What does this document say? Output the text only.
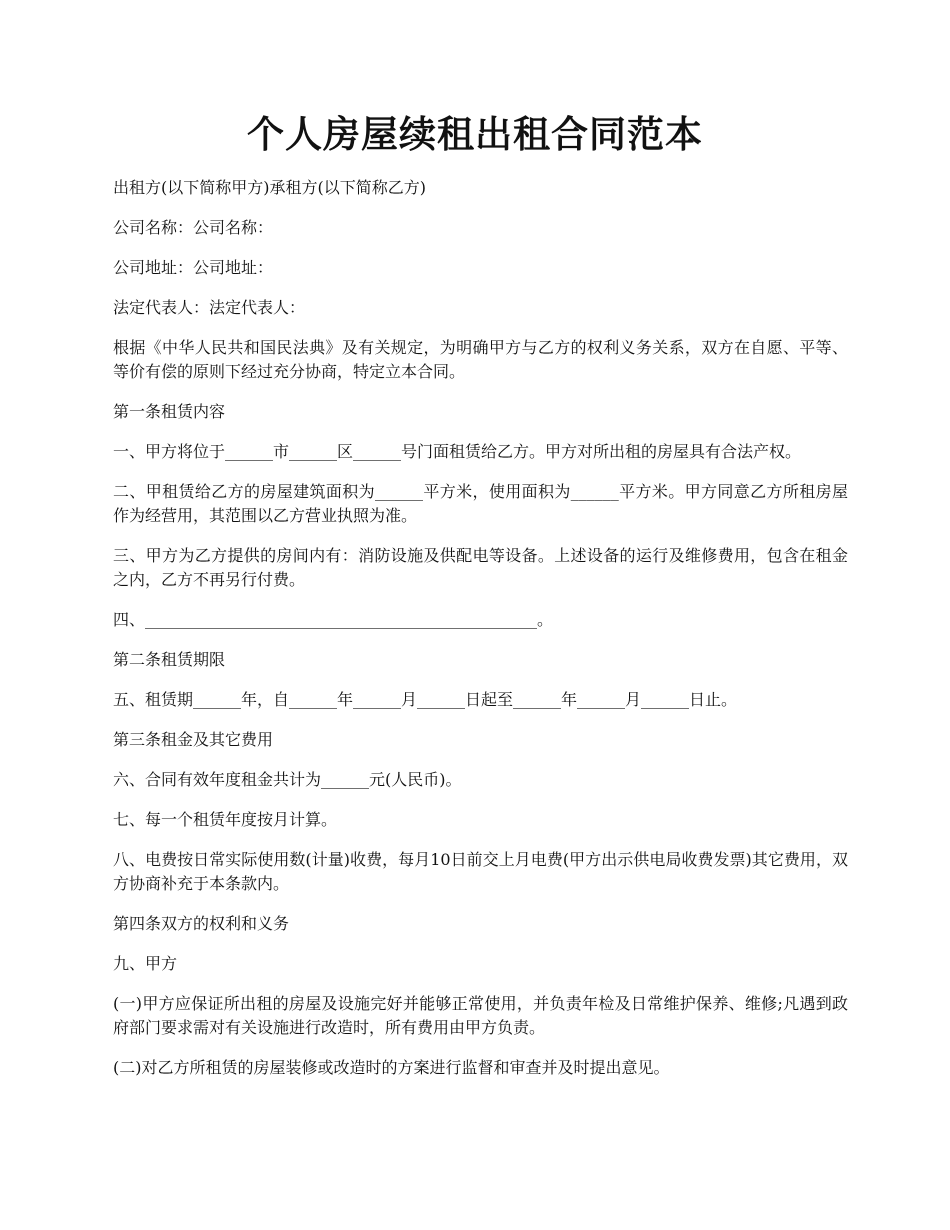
个人房屋续租出租合同范本

出租方(以下简称甲方)承租方(以下简称乙方)

公司名称：公司名称：

公司地址：公司地址：

法定代表人：法定代表人：

根据《中华人民共和国民法典》及有关规定，为明确甲方与乙方的权利义务关系，双方在自愿、平等、等价有偿的原则下经过充分协商，特定立本合同。

第一条租赁内容

一、甲方将位于______市______区______号门面租赁给乙方。甲方对所出租的房屋具有合法产权。

二、甲租赁给乙方的房屋建筑面积为______平方米，使用面积为______平方米。甲方同意乙方所租房屋作为经营用，其范围以乙方营业执照为准。

三、甲方为乙方提供的房间内有：消防设施及供配电等设备。上述设备的运行及维修费用，包含在租金之内，乙方不再另行付费。

四、_________________________________________________。

第二条租赁期限

五、租赁期______年，自______年______月______日起至______年______月______日止。

第三条租金及其它费用

六、合同有效年度租金共计为______元(人民币)。

七、每一个租赁年度按月计算。

八、电费按日常实际使用数(计量)收费，每月10日前交上月电费(甲方出示供电局收费发票)其它费用，双方协商补充于本条款内。

第四条双方的权利和义务

九、甲方

(一)甲方应保证所出租的房屋及设施完好并能够正常使用，并负责年检及日常维护保养、维修;凡遇到政府部门要求需对有关设施进行改造时，所有费用由甲方负责。

(二)对乙方所租赁的房屋装修或改造时的方案进行监督和审查并及时提出意见。
